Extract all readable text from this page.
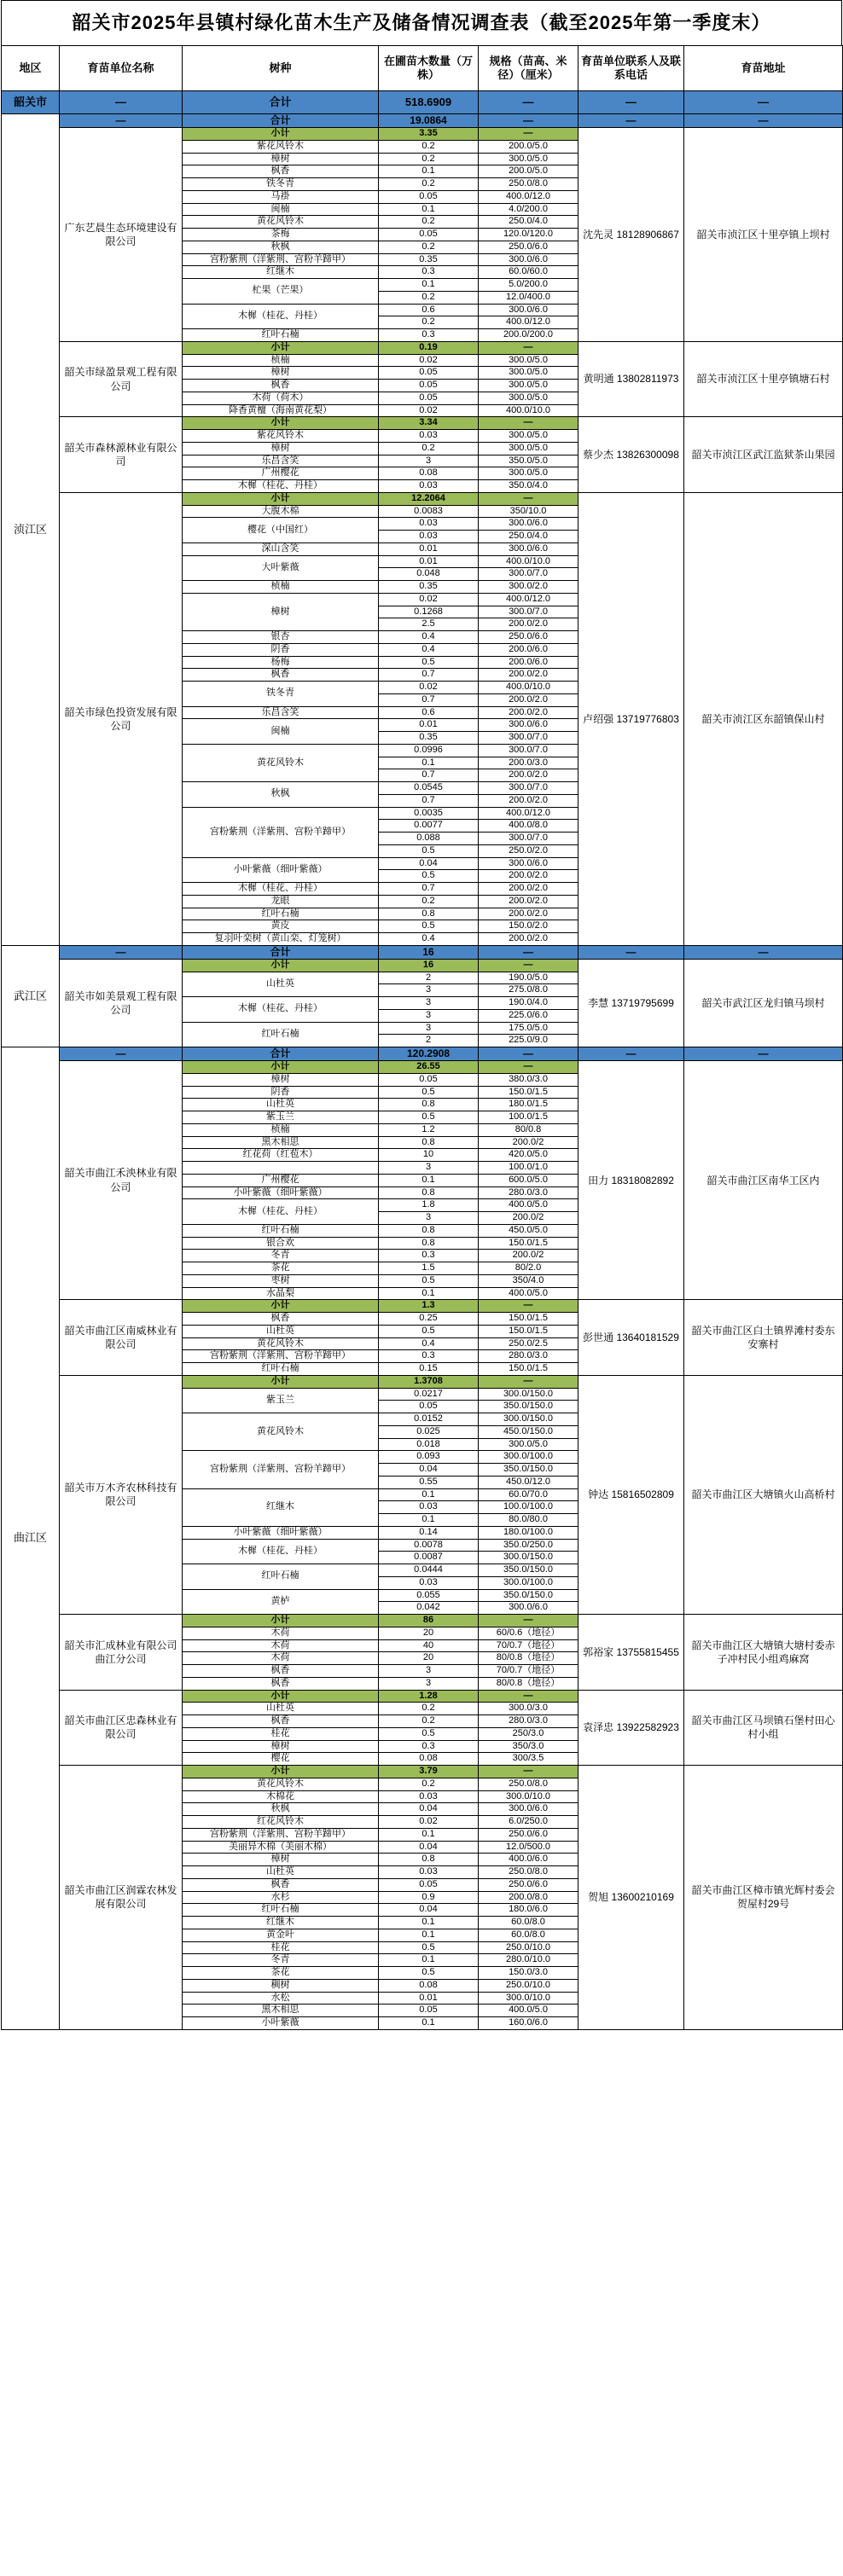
韶关市2025年县镇村绿化苗木生产及储备情况调查表（截至2025年第一季度末）
地区	育苗单位名称	树种	在圃苗木数量（万株）	规格（苗高、米径）（厘米）	育苗单位联系人及联系电话	育苗地址
韶关市	—	合计	518.6909	—	—	—
浈江区	—	合计	19.0864	—	—	—
	广东艺晨生态环境建设有限公司	小计	3.35	—	沈先灵 18128906867	韶关市浈江区十里亭镇上坝村
		紫花风铃木	0.2	200.0/5.0		
		樟树	0.2	300.0/5.0		
		枫香	0.1	200.0/5.0		
		铁冬青	0.2	250.0/8.0		
		马褂	0.05	400.0/12.0		
		闽楠	0.1	4.0/200.0		
		黄花风铃木	0.2	250.0/4.0		
		茶梅	0.05	120.0/120.0		
		秋枫	0.2	250.0/6.0		
		宫粉紫荆（洋紫荆、宫粉羊蹄甲）	0.35	300.0/6.0		
		红继木	0.3	60.0/60.0		
		杧果（芒果）	0.1	5.0/200.0		
			0.2	12.0/400.0		
		木樨（桂花、丹桂）	0.6	300.0/6.0		
			0.2	400.0/12.0		
		红叶石楠	0.3	200.0/200.0		
	韶关市绿盈景观工程有限公司	小计	0.19	—	黄明通 13802811973	韶关市浈江区十里亭镇塘石村
		桢楠	0.02	300.0/5.0		
		樟树	0.05	300.0/5.0		
		枫香	0.05	300.0/5.0		
		木荷（荷木）	0.05	300.0/5.0		
		降香黄檀（海南黄花梨）	0.02	400.0/10.0		
	韶关市森林源林业有限公司	小计	3.34	—	蔡少杰 13826300098	韶关市浈江区武江监狱茶山果园
		紫花风铃木	0.03	300.0/5.0		
		樟树	0.2	300.0/5.0		
		乐昌含笑	3	350.0/5.0		
		广州樱花	0.08	300.0/5.0		
		木樨（桂花、丹桂）	0.03	350.0/4.0		
	韶关市绿色投资发展有限公司	小计	12.2064	—	卢绍强 13719776803	韶关市浈江区东韶镇保山村
		大腹木棉	0.0083	350/10.0		
		樱花（中国红）	0.03	300.0/6.0		
			0.03	250.0/4.0		
		深山含笑	0.01	300.0/6.0		
		大叶紫薇	0.01	400.0/10.0		
			0.048	300.0/7.0		
		桢楠	0.35	300.0/2.0		
		樟树	0.02	400.0/12.0		
			0.1268	300.0/7.0		
			2.5	200.0/2.0		
		银杏	0.4	250.0/6.0		
		阴香	0.4	200.0/6.0		
		杨梅	0.5	200.0/6.0		
		枫香	0.7	200.0/2.0		
		铁冬青	0.02	400.0/10.0		
			0.7	200.0/2.0		
		乐昌含笑	0.6	200.0/2.0		
		闽楠	0.01	300.0/6.0		
			0.35	300.0/7.0		
		黄花风铃木	0.0996	300.0/7.0		
			0.1	200.0/3.0		
			0.7	200.0/2.0		
		秋枫	0.0545	300.0/7.0		
			0.7	200.0/2.0		
		宫粉紫荆（洋紫荆、宫粉羊蹄甲）	0.0035	400.0/12.0		
			0.0077	400.0/8.0		
			0.088	300.0/7.0		
			0.5	250.0/2.0		
		小叶紫薇（细叶紫薇）	0.04	300.0/6.0		
			0.5	200.0/2.0		
		木樨（桂花、丹桂）	0.7	200.0/2.0		
		龙眼	0.2	200.0/2.0		
		红叶石楠	0.8	200.0/2.0		
		黄皮	0.5	150.0/2.0		
		复羽叶栾树（黄山栾、灯笼树）	0.4	200.0/2.0		
武江区	—	合计	16	—	—	—
	韶关市如美景观工程有限公司	小计	16	—	李慧 13719795699	韶关市武江区龙归镇马坝村
		山杜英	2	190.0/5.0		
			3	275.0/8.0		
		木樨（桂花、丹桂）	3	190.0/4.0		
			3	225.0/6.0		
		红叶石楠	3	175.0/5.0		
			2	225.0/9.0		
曲江区	—	合计	120.2908	—	—	—
	韶关市曲江禾泱林业有限公司	小计	26.55	—	田力 18318082892	韶关市曲江区南华工区内
		樟树	0.05	380.0/3.0		
		阴香	0.5	150.0/1.5		
		山杜英	0.8	180.0/1.5		
		紫玉兰	0.5	100.0/1.5		
		桢楠	1.2	80/0.8		
		黑木相思	0.8	200.0/2		
		红花荷（红苞木）	10	420.0/5.0		
			3	100.0/1.0		
		广州樱花	0.1	600.0/5.0		
		小叶紫薇（细叶紫薇）	0.8	280.0/3.0		
		木樨（桂花、丹桂）	1.8	400.0/5.0		
			3	200.0/2		
		红叶石楠	0.8	450.0/5.0		
		银合欢	0.8	150.0/1.5		
		冬青	0.3	200.0/2		
		茶花	1.5	80/2.0		
		枣树	0.5	350/4.0		
		水晶梨	0.1	400.0/5.0		
	韶关市曲江区南威林业有限公司	小计	1.3	—	彭世通 13640181529	韶关市曲江区白土镇界滩村委东安寨村
		枫香	0.25	150.0/1.5		
		山杜英	0.5	150.0/1.5		
		黄花风铃木	0.4	250.0/2.5		
		宫粉紫荆（洋紫荆、宫粉羊蹄甲）	0.3	280.0/3.0		
		红叶石楠	0.15	150.0/1.5		
	韶关市万木齐农林科技有限公司	小计	1.3708	—	钟达 15816502809	韶关市曲江区大塘镇火山高桥村
		紫玉兰	0.0217	300.0/150.0		
			0.05	350.0/150.0		
		黄花风铃木	0.0152	300.0/150.0		
			0.025	450.0/150.0		
			0.018	300.0/5.0		
		宫粉紫荆（洋紫荆、宫粉羊蹄甲）	0.093	300.0/100.0		
			0.04	350.0/150.0		
			0.55	450.0/12.0		
		红继木	0.1	60.0/70.0		
			0.03	100.0/100.0		
			0.1	80.0/80.0		
		小叶紫薇（细叶紫薇）	0.14	180.0/100.0		
		木樨（桂花、丹桂）	0.0078	350.0/250.0		
			0.0087	300.0/150.0		
		红叶石楠	0.0444	350.0/150.0		
			0.03	300.0/100.0		
		黄栌	0.055	350.0/150.0		
			0.042	300.0/6.0		
	韶关市汇成林业有限公司曲江分公司	小计	86	—	郭裕家 13755815455	韶关市曲江区大塘镇大塘村委赤子冲村民小组鸡麻窝
		木荷	20	60/0.6（地径）		
		木荷	40	70/0.7（地径）		
		木荷	20	80/0.8（地径）		
		枫香	3	70/0.7（地径）		
		枫香	3	80/0.8（地径）		
	韶关市曲江区忠森林业有限公司	小计	1.28	—	袁泽忠 13922582923	韶关市曲江区马坝镇石堡村田心村小组
		山杜英	0.2	300.0/3.0		
		枫香	0.2	280.0/3.0		
		桂花	0.5	250/3.0		
		樟树	0.3	350/3.0		
		樱花	0.08	300/3.5		
	韶关市曲江区润霖农林发展有限公司	小计	3.79	—	贺旭 13600210169	韶关市曲江区樟市镇光辉村委会贺屋村29号
		黄花风铃木	0.2	250.0/8.0		
		木棉花	0.03	300.0/10.0		
		秋枫	0.04	300.0/6.0		
		红花风铃木	0.02	6.0/250.0		
		宫粉紫荆（洋紫荆、宫粉羊蹄甲）	0.1	250.0/6.0		
		美丽异木棉（美丽木棉）	0.04	12.0/500.0		
		樟树	0.8	400.0/6.0		
		山杜英	0.03	250.0/8.0		
		枫香	0.05	250.0/6.0		
		水杉	0.9	200.0/8.0		
		红叶石楠	0.04	180.0/6.0		
		红继木	0.1	60.0/8.0		
		黄金叶	0.1	60.0/8.0		
		桂花	0.5	250.0/10.0		
		冬青	0.1	280.0/10.0		
		茶花	0.5	150.0/3.0		
		稠树	0.08	250.0/10.0		
		水松	0.01	300.0/10.0		
		黑木相思	0.05	400.0/5.0		
		小叶紫薇	0.1	160.0/6.0		
